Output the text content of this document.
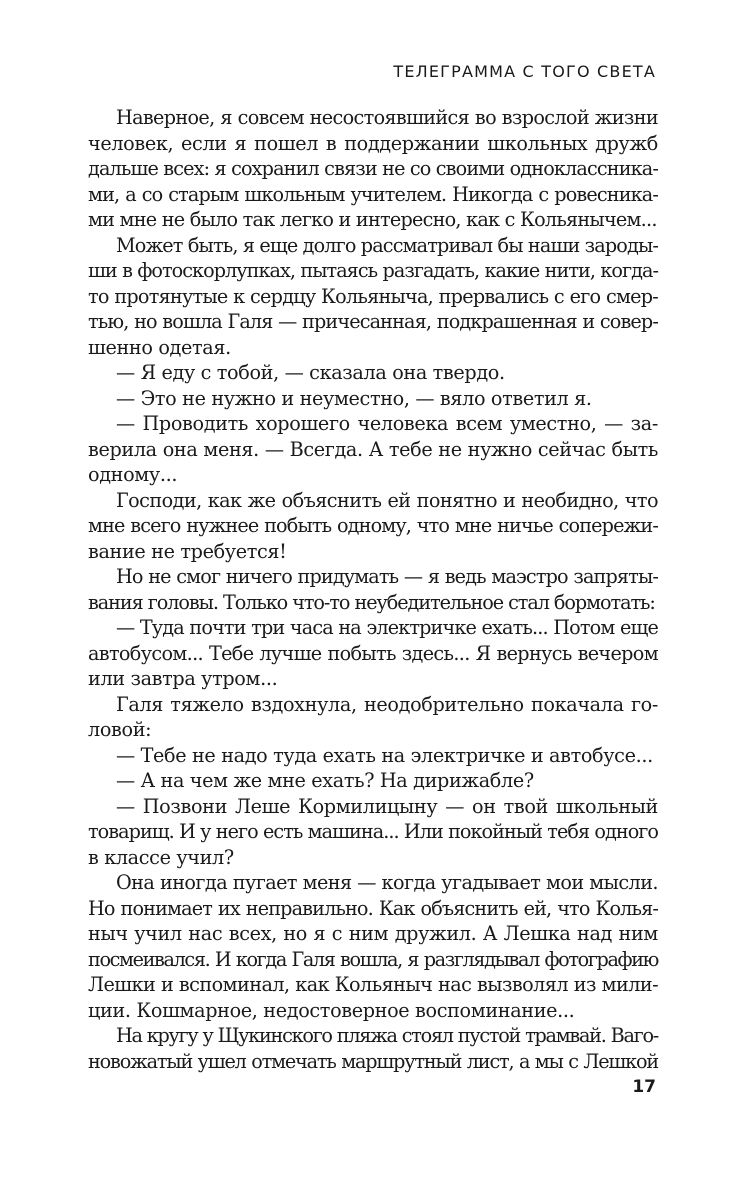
ТЕЛЕГРАММА С ТОГО СВЕТА
Наверное, я совсем несостоявшийся во взрослой жизни
человек, если я пошел в поддержании школьных дружб
дальше всех: я сохранил связи не со своими одноклассника-
ми, а со старым школьным учителем. Никогда с ровесника-
ми мне не было так легко и интересно, как с Кольянычем...
Может быть, я еще долго рассматривал бы наши зароды-
ши в фотоскорлупках, пытаясь разгадать, какие нити, когда-
то протянутые к сердцу Кольяныча, прервались с его смер-
тью, но вошла Галя — причесанная, подкрашенная и совер-
шенно одетая.
— Я еду с тобой, — сказала она твердо.
— Это не нужно и неуместно, — вяло ответил я.
— Проводить хорошего человека всем уместно, — за-
верила она меня. — Всегда. А тебе не нужно сейчас быть
одному...
Господи, как же объяснить ей понятно и необидно, что
мне всего нужнее побыть одному, что мне ничье сопережи-
вание не требуется!
Но не смог ничего придумать — я ведь маэстро запряты-
вания головы. Только что-то неубедительное стал бормотать:
— Туда почти три часа на электричке ехать... Потом еще
автобусом... Тебе лучше побыть здесь... Я вернусь вечером
или завтра утром...
Галя тяжело вздохнула, неодобрительно покачала го-
ловой:
— Тебе не надо туда ехать на электричке и автобусе...
— А на чем же мне ехать? На дирижабле?
— Позвони Леше Кормилицыну — он твой школьный
товарищ. И у него есть машина... Или покойный тебя одного
в классе учил?
Она иногда пугает меня — когда угадывает мои мысли.
Но понимает их неправильно. Как объяснить ей, что Колья-
ныч учил нас всех, но я с ним дружил. А Лешка над ним
посмеивался. И когда Галя вошла, я разглядывал фотографию
Лешки и вспоминал, как Кольяныч нас вызволял из мили-
ции. Кошмарное, недостоверное воспоминание...
На кругу у Щукинского пляжа стоял пустой трамвай. Ваго-
новожатый ушел отмечать маршрутный лист, а мы с Лешкой
17
